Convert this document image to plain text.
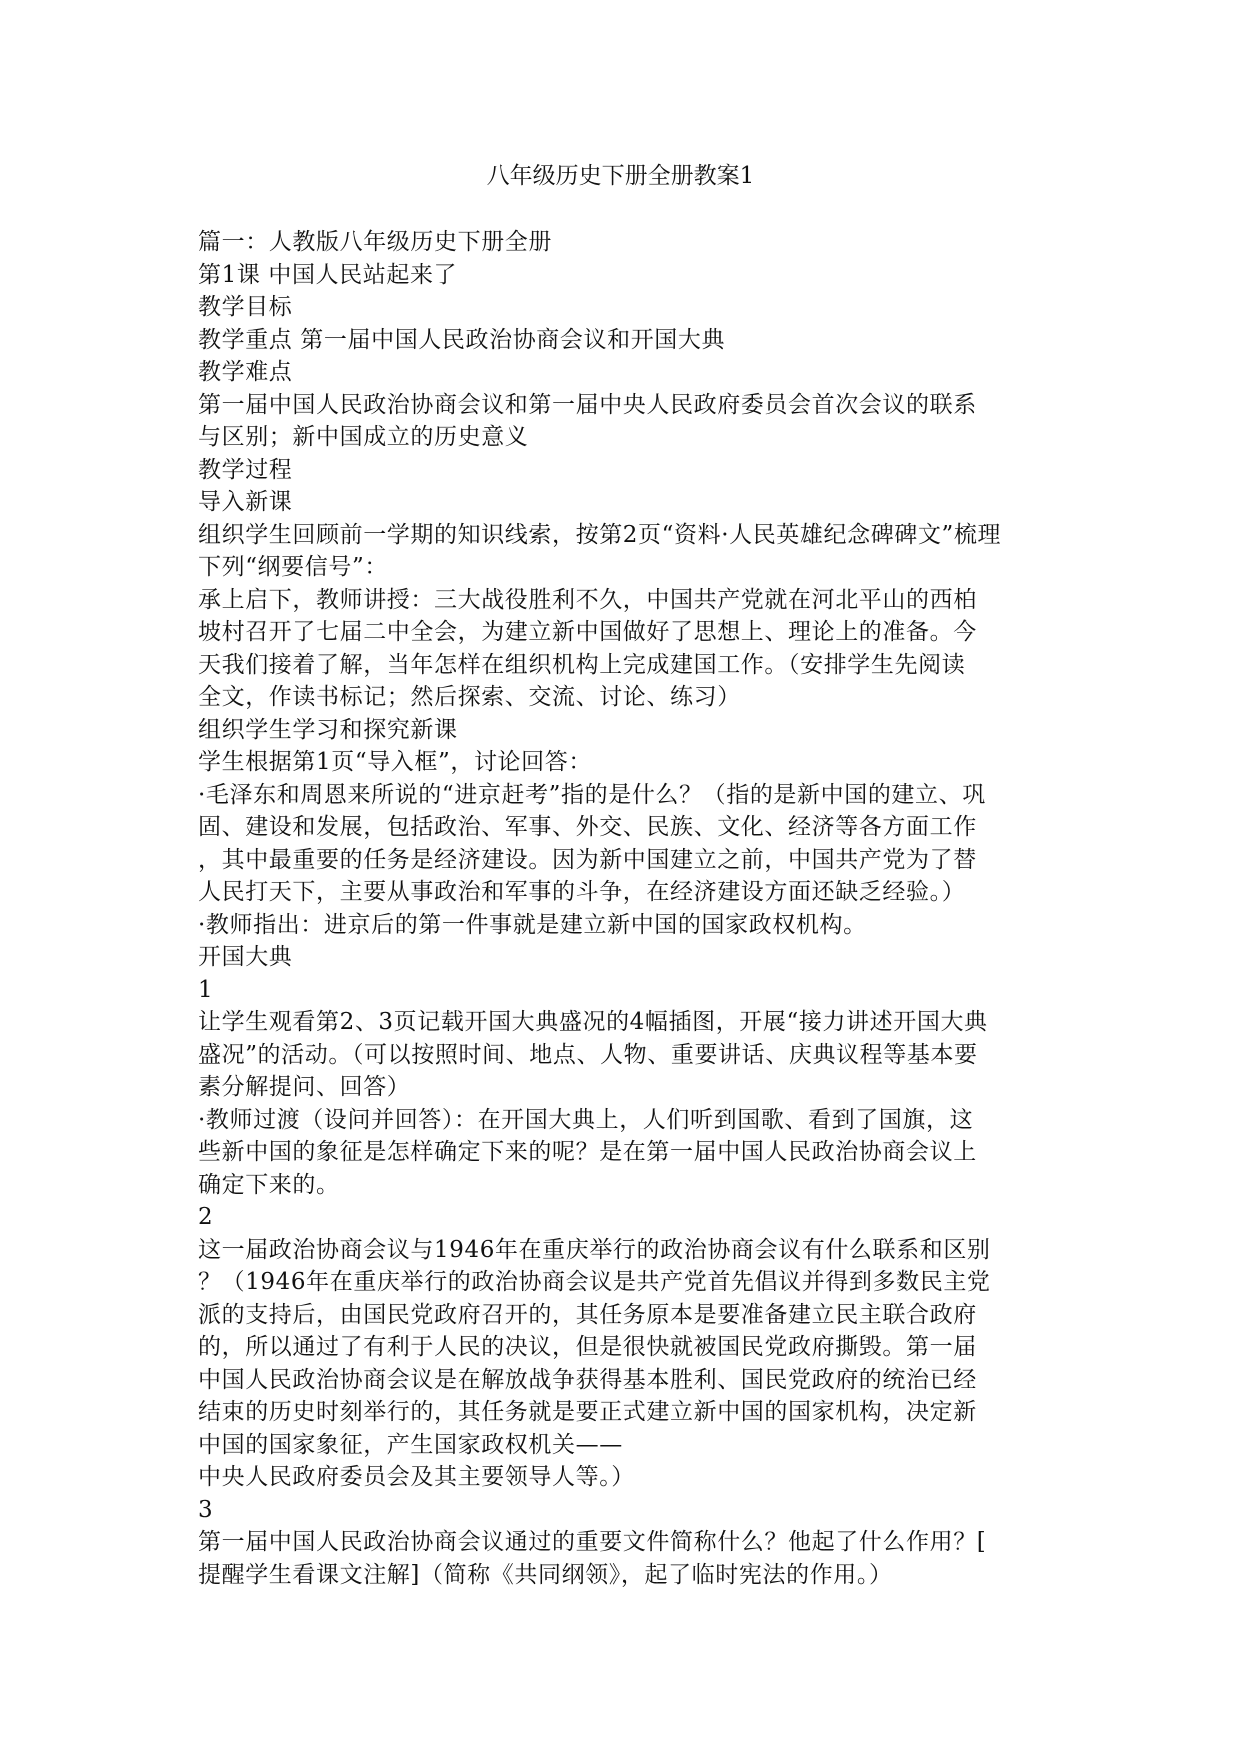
八年级历史下册全册教案1
篇一：人教版八年级历史下册全册
第1课 中国人民站起来了
教学目标
教学重点 第一届中国人民政治协商会议和开国大典
教学难点
第一届中国人民政治协商会议和第一届中央人民政府委员会首次会议的联系
与区别；新中国成立的历史意义
教学过程
导入新课
组织学生回顾前一学期的知识线索，按第2页“资料·人民英雄纪念碑碑文”梳理
下列“纲要信号”：
承上启下，教师讲授：三大战役胜利不久，中国共产党就在河北平山的西柏
坡村召开了七届二中全会，为建立新中国做好了思想上、理论上的准备。今
天我们接着了解，当年怎样在组织机构上完成建国工作。（安排学生先阅读
全文，作读书标记；然后探索、交流、讨论、练习）
组织学生学习和探究新课
学生根据第1页“导入框”，讨论回答：
·毛泽东和周恩来所说的“进京赶考”指的是什么？（指的是新中国的建立、巩
固、建设和发展，包括政治、军事、外交、民族、文化、经济等各方面工作
，其中最重要的任务是经济建设。因为新中国建立之前，中国共产党为了替
人民打天下，主要从事政治和军事的斗争，在经济建设方面还缺乏经验。）
·教师指出：进京后的第一件事就是建立新中国的国家政权机构。
开国大典
1
让学生观看第2、3页记载开国大典盛况的4幅插图，开展“接力讲述开国大典
盛况”的活动。（可以按照时间、地点、人物、重要讲话、庆典议程等基本要
素分解提问、回答）
·教师过渡（设问并回答）：在开国大典上，人们听到国歌、看到了国旗，这
些新中国的象征是怎样确定下来的呢？是在第一届中国人民政治协商会议上
确定下来的。
2
这一届政治协商会议与1946年在重庆举行的政治协商会议有什么联系和区别
？（1946年在重庆举行的政治协商会议是共产党首先倡议并得到多数民主党
派的支持后，由国民党政府召开的，其任务原本是要准备建立民主联合政府
的，所以通过了有利于人民的决议，但是很快就被国民党政府撕毁。第一届
中国人民政治协商会议是在解放战争获得基本胜利、国民党政府的统治已经
结束的历史时刻举行的，其任务就是要正式建立新中国的国家机构，决定新
中国的国家象征，产生国家政权机关——
中央人民政府委员会及其主要领导人等。）
3
第一届中国人民政治协商会议通过的重要文件简称什么？他起了什么作用？[
提醒学生看课文注解]（简称《共同纲领》，起了临时宪法的作用。）
